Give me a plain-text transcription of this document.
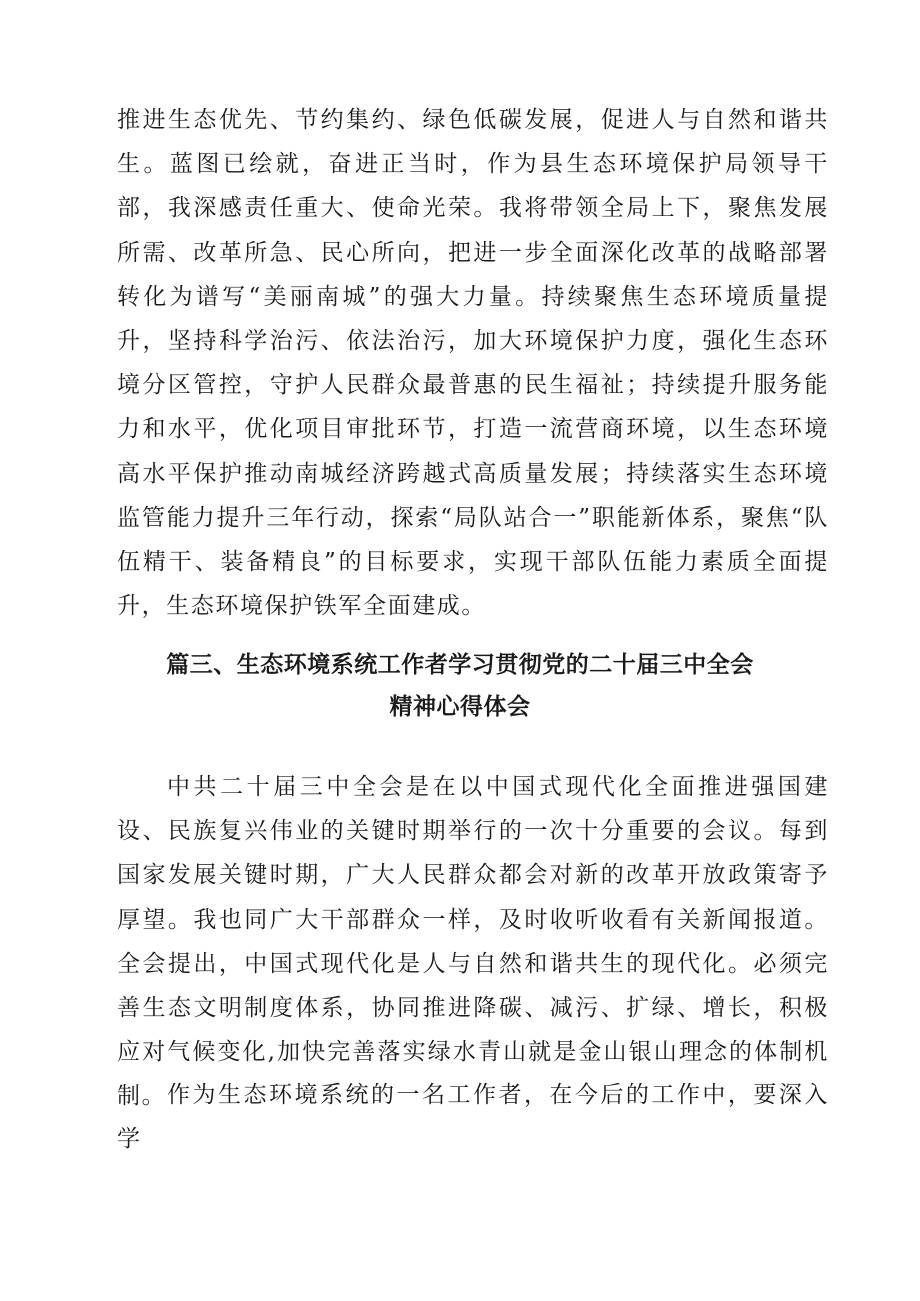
推进生态优先、节约集约、绿色低碳发展，促进人与自然和谐共生。蓝图已绘就，奋进正当时，作为县生态环境保护局领导干部，我深感责任重大、使命光荣。我将带领全局上下，聚焦发展所需、改革所急、民心所向，把进一步全面深化改革的战略部署转化为谱写“美丽南城”的强大力量。持续聚焦生态环境质量提升，坚持科学治污、依法治污，加大环境保护力度，强化生态环境分区管控，守护人民群众最普惠的民生福祉；持续提升服务能力和水平，优化项目审批环节，打造一流营商环境，以生态环境高水平保护推动南城经济跨越式高质量发展；持续落实生态环境监管能力提升三年行动，探索“局队站合一”职能新体系，聚焦“队伍精干、装备精良”的目标要求，实现干部队伍能力素质全面提升，生态环境保护铁军全面建成。

篇三、生态环境系统工作者学习贯彻党的二十届三中全会
精神心得体会

中共二十届三中全会是在以中国式现代化全面推进强国建设、民族复兴伟业的关键时期举行的一次十分重要的会议。每到国家发展关键时期，广大人民群众都会对新的改革开放政策寄予厚望。我也同广大干部群众一样，及时收听收看有关新闻报道。全会提出，中国式现代化是人与自然和谐共生的现代化。必须完善生态文明制度体系，协同推进降碳、减污、扩绿、增长，积极应对气候变化,加快完善落实绿水青山就是金山银山理念的体制机制。 作为生态环境系统的一名工作者，在今后的工作中，要深入学
